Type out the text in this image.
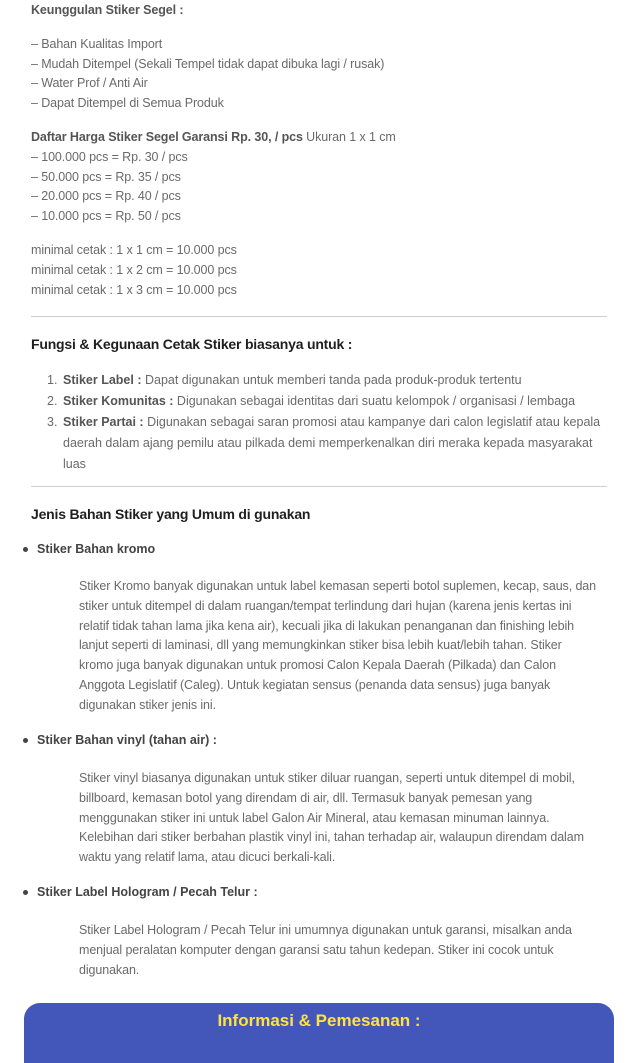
Keunggulan Stiker Segel :
– Bahan Kualitas Import
– Mudah Ditempel (Sekali Tempel tidak dapat dibuka lagi / rusak)
– Water Prof / Anti Air
– Dapat Ditempel di Semua Produk
Daftar Harga Stiker Segel Garansi Rp. 30, / pcs Ukuran 1 x 1 cm
– 100.000 pcs = Rp. 30 / pcs
– 50.000 pcs = Rp. 35 / pcs
– 20.000 pcs = Rp. 40 / pcs
– 10.000 pcs = Rp. 50 / pcs
minimal cetak : 1 x 1 cm = 10.000 pcs
minimal cetak : 1 x 2 cm = 10.000 pcs
minimal cetak : 1 x 3 cm = 10.000 pcs
Fungsi & Kegunaan Cetak Stiker biasanya untuk :
1. Stiker Label : Dapat digunakan untuk memberi tanda pada produk-produk tertentu
2. Stiker Komunitas : Digunakan sebagai identitas dari suatu kelompok / organisasi / lembaga
3. Stiker Partai : Digunakan sebagai saran promosi atau kampanye dari calon legislatif atau kepala daerah dalam ajang pemilu atau pilkada demi memperkenalkan diri meraka kepada masyarakat luas
Jenis Bahan Stiker yang Umum di gunakan
Stiker Bahan kromo
Stiker Kromo banyak digunakan untuk label kemasan seperti botol suplemen, kecap, saus, dan
stiker untuk ditempel di dalam ruangan/tempat terlindung dari hujan (karena jenis kertas ini
relatif tidak tahan lama jika kena air), kecuali jika di lakukan penanganan dan finishing lebih
lanjut seperti di laminasi, dll yang memungkinkan stiker bisa lebih kuat/lebih tahan. Stiker
kromo juga banyak digunakan untuk promosi Calon Kepala Daerah (Pilkada) dan Calon
Anggota Legislatif (Caleg). Untuk kegiatan sensus (penanda data sensus) juga banyak
digunakan stiker jenis ini.
Stiker Bahan vinyl (tahan air) :
Stiker vinyl biasanya digunakan untuk stiker diluar ruangan, seperti untuk ditempel di mobil,
billboard, kemasan botol yang direndam di air, dll. Termasuk banyak pemesan yang
menggunakan stiker ini untuk label Galon Air Mineral, atau kemasan minuman lainnya.
Kelebihan dari stiker berbahan plastik vinyl ini, tahan terhadap air, walaupun direndam dalam
waktu yang relatif lama, atau dicuci berkali-kali.
Stiker Label Hologram / Pecah Telur :
Stiker Label Hologram / Pecah Telur ini umumnya digunakan untuk garansi, misalkan anda
menjual peralatan komputer dengan garansi satu tahun kedepan. Stiker ini cocok untuk
digunakan.
Informasi & Pemesanan :
